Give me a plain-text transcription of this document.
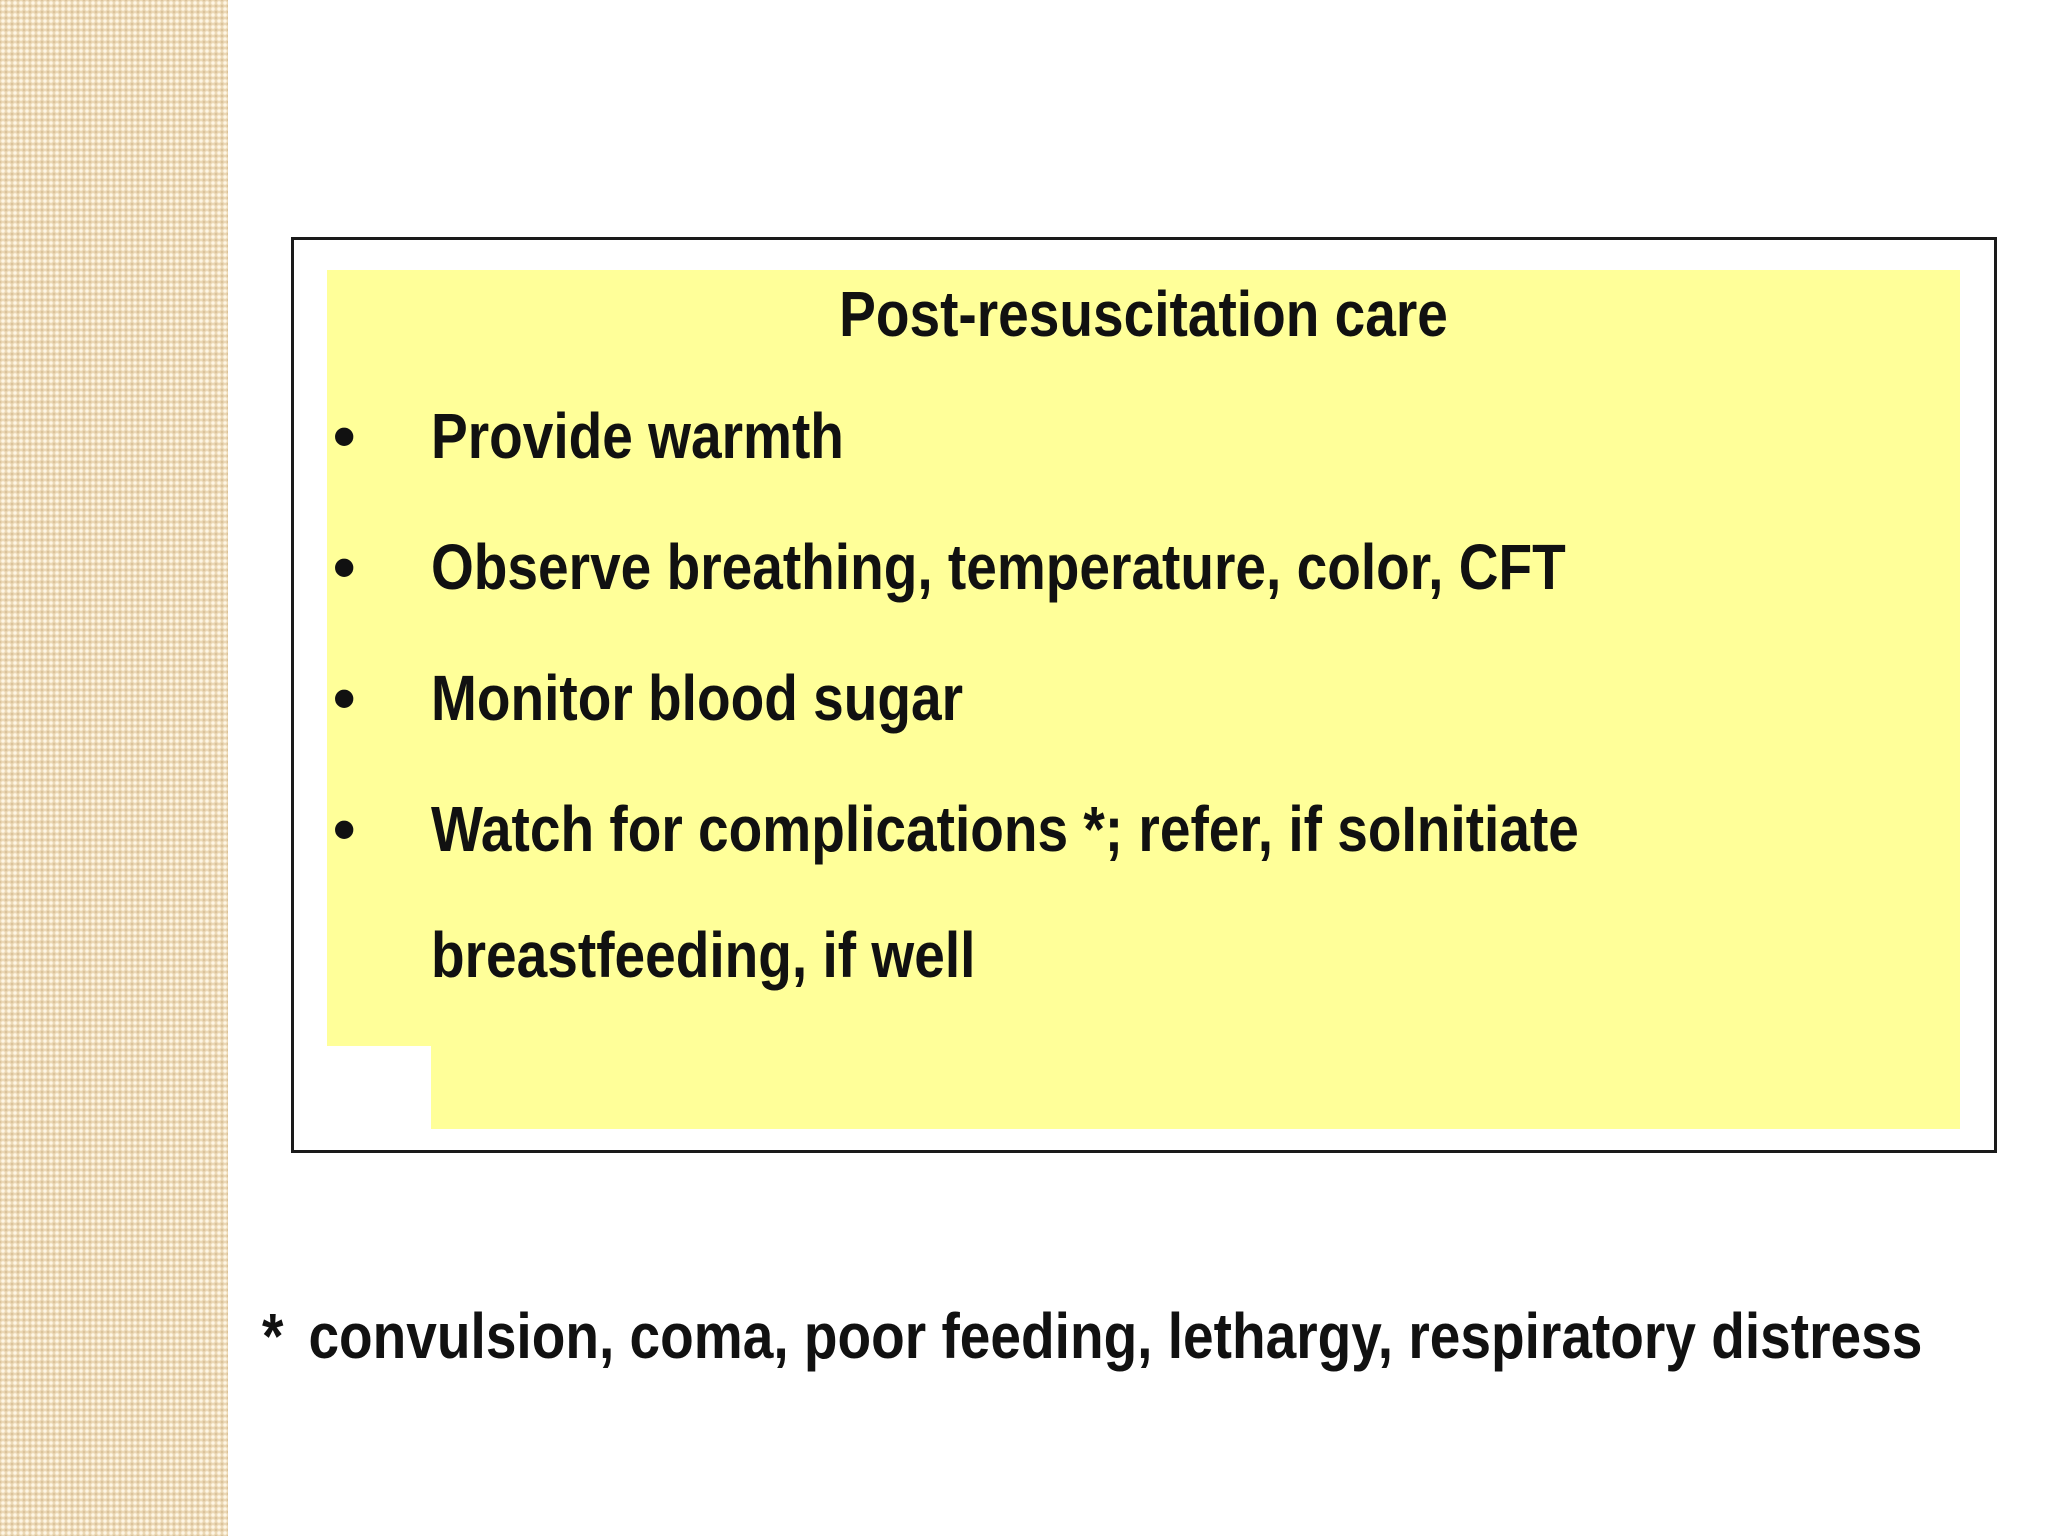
Post-resuscitation care
• Provide warmth
• Observe breathing, temperature, color, CFT
• Monitor blood sugar
• Watch for complications *; refer, if soInitiate breastfeeding, if well
* convulsion, coma, poor feeding, lethargy, respiratory distress
